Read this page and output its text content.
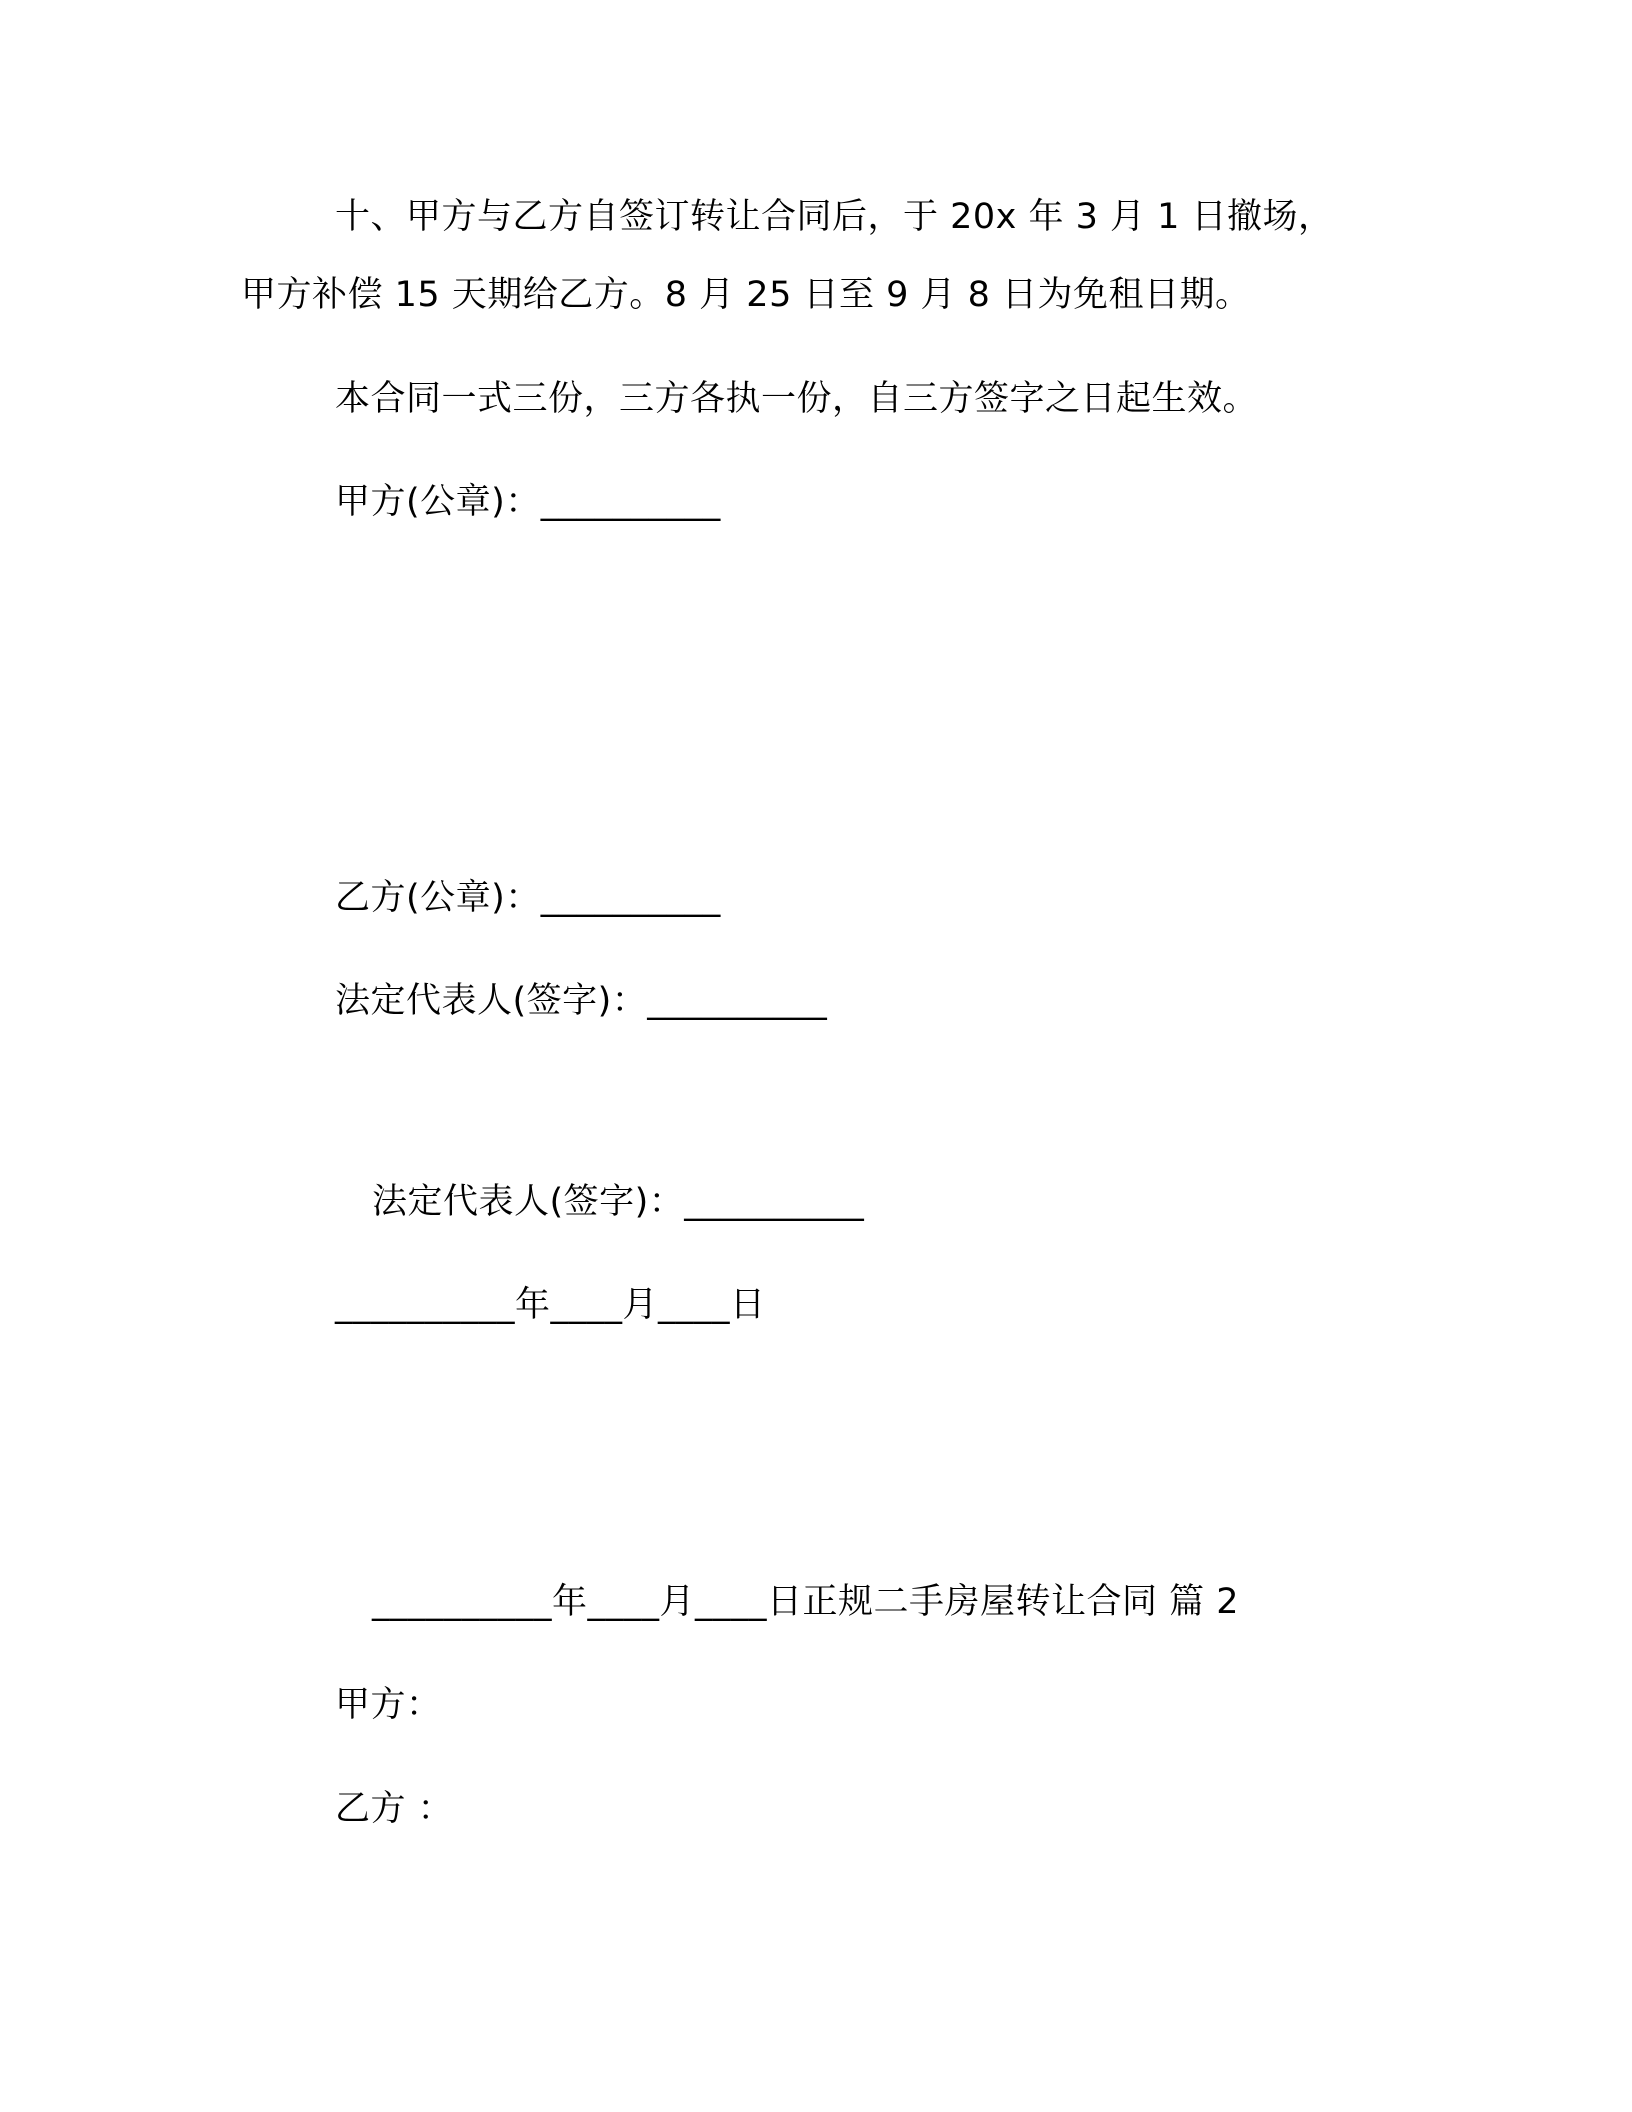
十、甲方与乙方自签订转让合同后，于 20x 年 3 月 1 日撤场，

甲方补偿 15 天期给乙方。8 月 25 日至 9 月 8 日为免租日期。

本合同一式三份，三方各执一份，自三方签字之日起生效。

甲方(公章)：__________

乙方(公章)：__________

法定代表人(签字)：__________

法定代表人(签字)：__________

__________年____月____日

__________年____月____日正规二手房屋转让合同 篇 2

甲方：

乙方 ：
